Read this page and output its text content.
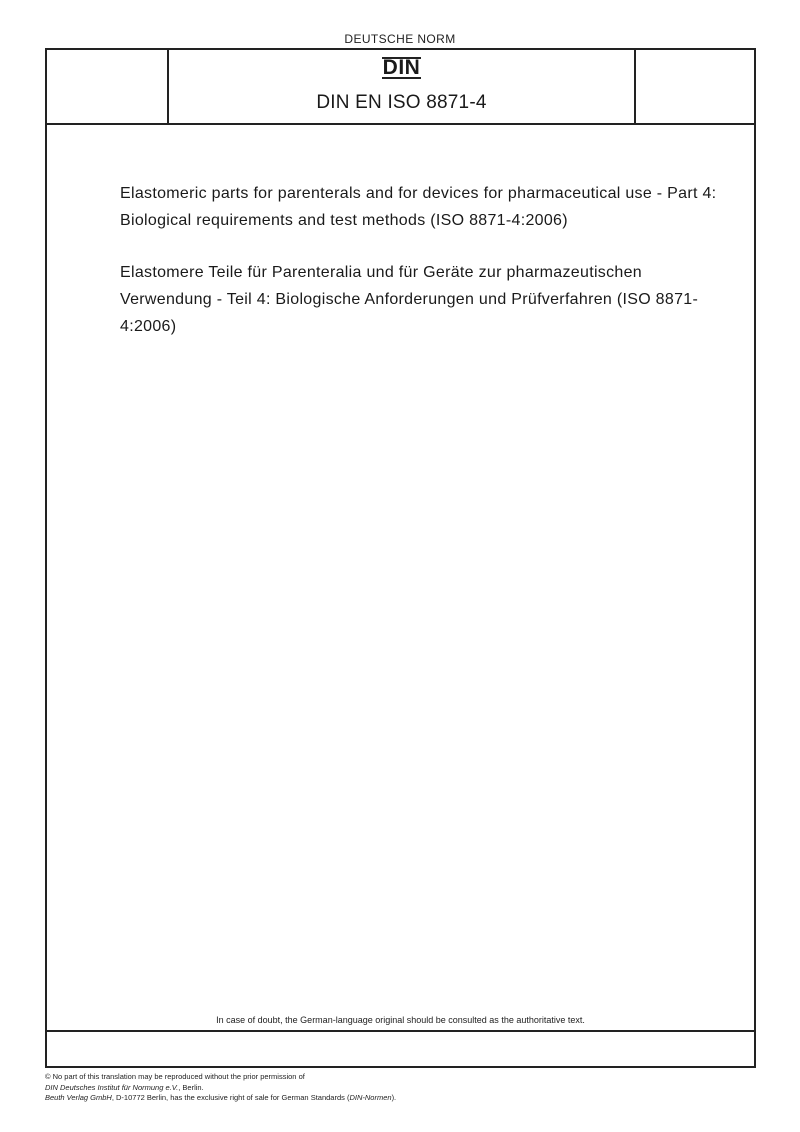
DEUTSCHE NORM
DIN
DIN EN ISO 8871-4

Elastomeric parts for parenterals and for devices for pharmaceutical use - Part 4: Biological requirements and test methods (ISO 8871-4:2006)

Elastomere Teile für Parenteralia und für Geräte zur pharmazeutischen Verwendung - Teil 4: Biologische Anforderungen und Prüfverfahren (ISO 8871-4:2006)

In case of doubt, the German-language original should be consulted as the authoritative text.
© No part of this translation may be reproduced without the prior permission of
DIN Deutsches Institut für Normung e.V., Berlin.
Beuth Verlag GmbH, D-10772 Berlin, has the exclusive right of sale for German Standards (DIN-Normen).
